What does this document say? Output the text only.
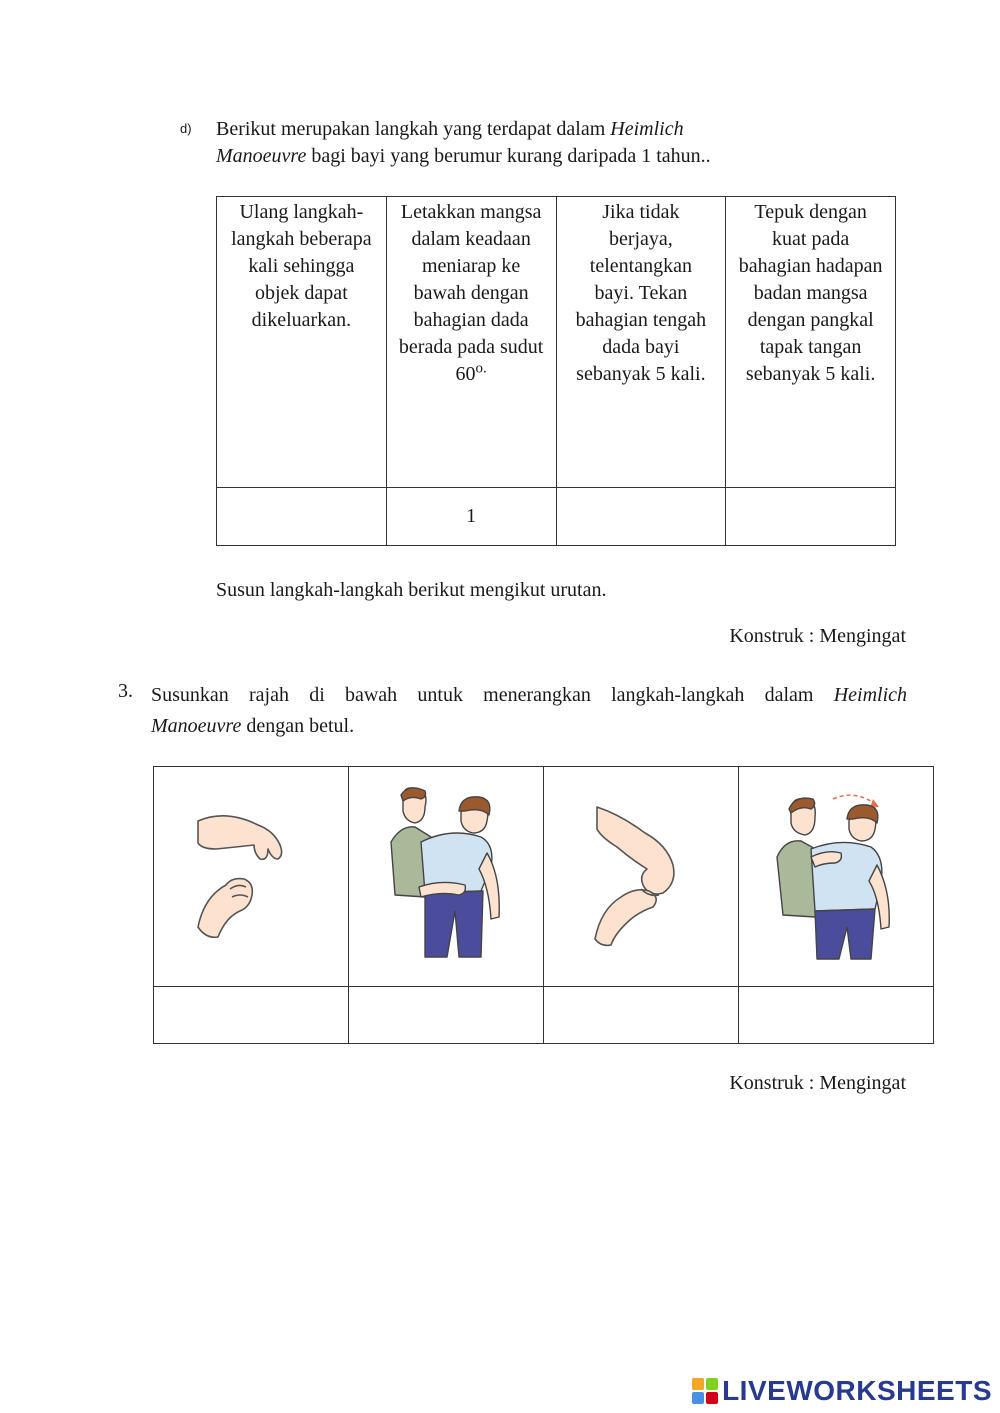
d) Berikut merupakan langkah yang terdapat dalam Heimlich
Manoeuvre bagi bayi yang berumur kurang daripada 1 tahun..
Ulang langkah-langkah beberapa kali sehingga objek dapat dikeluarkan.	Letakkan mangsa dalam keadaan meniarap ke bawah dengan bahagian dada berada pada sudut $60^{o.}$	Jika tidak berjaya, telentangkan bayi. Tekan bahagian tengah dada bayi sebanyak 5 kali.	Tepuk dengan kuat pada bahagian hadapan badan mangsa dengan pangkal tapak tangan sebanyak 5 kali.
	1		
Susun langkah-langkah berikut mengikut urutan.
Konstruk : Mengingat
3. Susunkan rajah di bawah untuk menerangkan langkah-langkah dalam Heimlich
Manoeuvre dengan betul.

Konstruk : Mengingat
LIVEWORKSHEETS
